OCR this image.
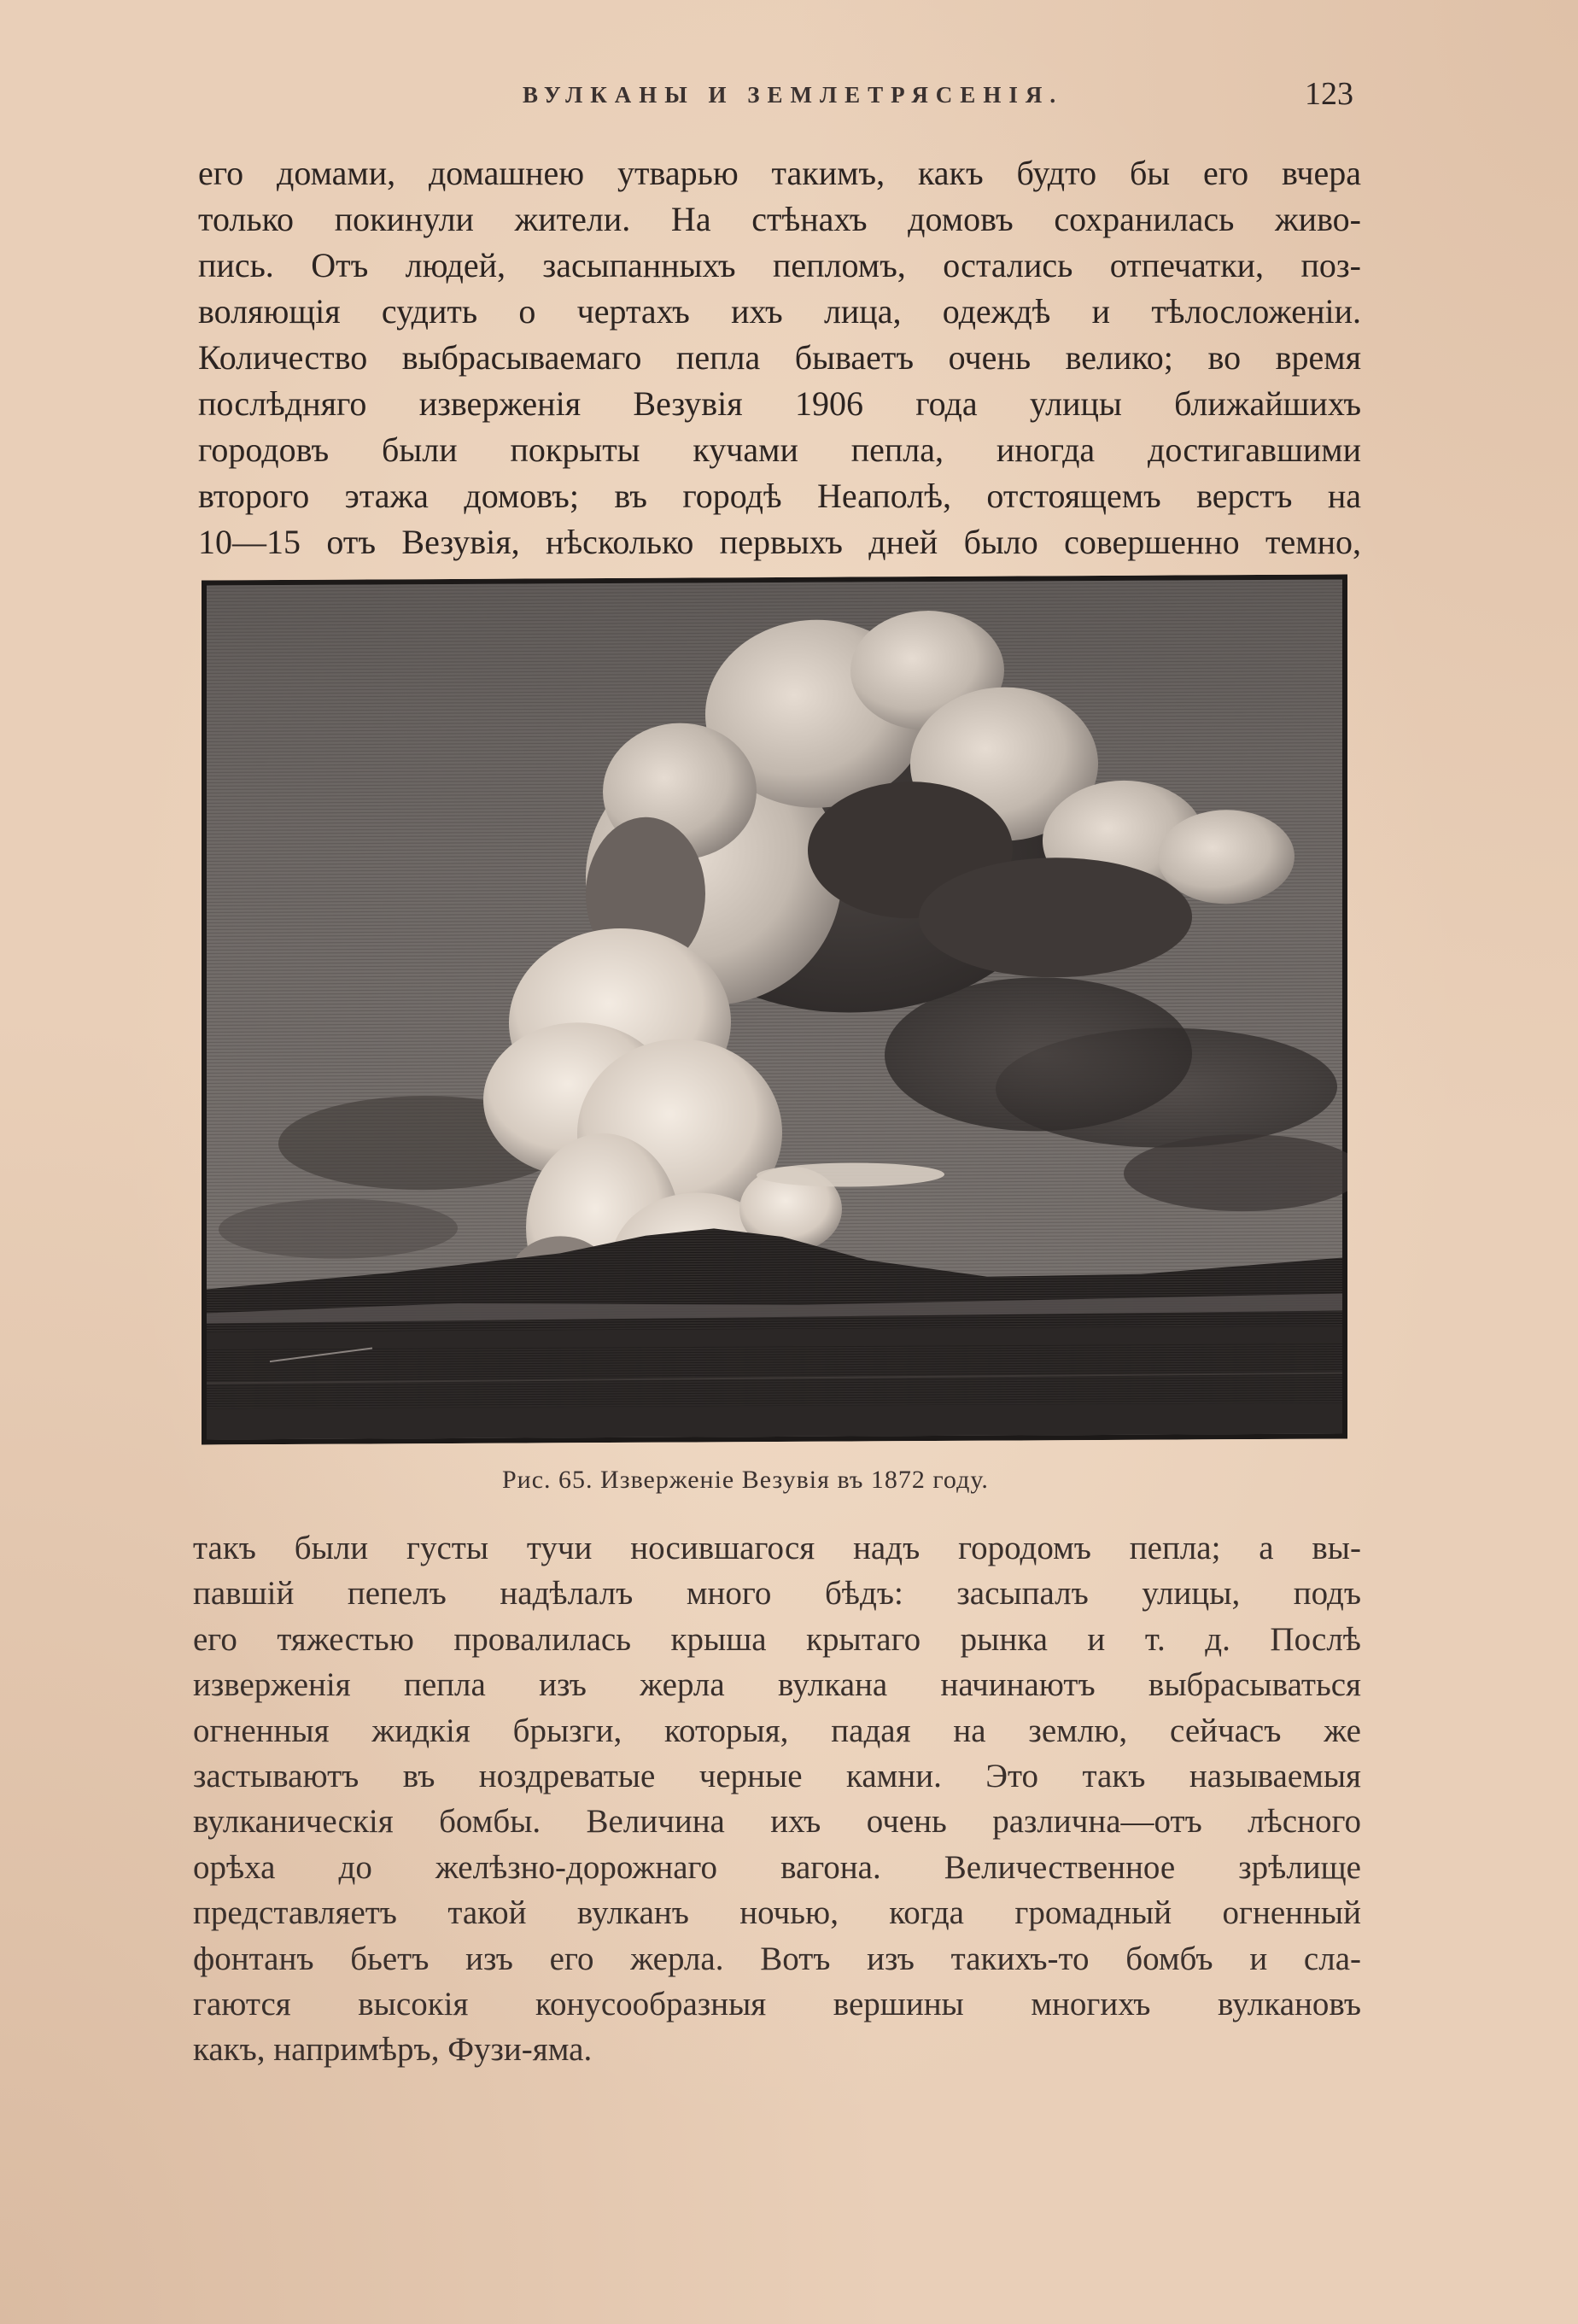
ВУЛКАНЫ И ЗЕМЛЕТРЯСЕНІЯ.	123
его домами, домашнею утварью такимъ, какъ будто бы его вчера
только покинули жители. На стѣнахъ домовъ сохранилась живо-
пись. Отъ людей, засыпанныхъ пепломъ, остались отпечатки, поз-
воляющія судить о чертахъ ихъ лица, одеждѣ и тѣлосложеніи.
Количество выбрасываемаго пепла бываетъ очень велико; во время
послѣдняго изверженія Везувія 1906 года улицы ближайшихъ
городовъ были покрыты кучами пепла, иногда достигавшими
второго этажа домовъ; въ городѣ Неаполѣ, отстоящемъ верстъ на
10—15 отъ Везувія, нѣсколько первыхъ дней было совершенно темно,
Рис. 65. Изверженіе Везувія въ 1872 году.
такъ были густы тучи носившагося надъ городомъ пепла; а вы-
павшій пепелъ надѣлалъ много бѣдъ: засыпалъ улицы, подъ
его тяжестью провалилась крыша крытаго рынка и т. д. Послѣ
изверженія пепла изъ жерла вулкана начинаютъ выбрасываться
огненныя жидкія брызги, которыя, падая на землю, сейчасъ же
застываютъ въ ноздреватые черные камни. Это такъ называемыя
вулканическія бомбы. Величина ихъ очень различна—отъ лѣсного
орѣха до желѣзно-дорожнаго вагона. Величественное зрѣлище
представляетъ такой вулканъ ночью, когда громадный огненный
фонтанъ бьетъ изъ его жерла. Вотъ изъ такихъ-то бомбъ и сла-
гаются высокія конусообразныя вершины многихъ вулкановъ
какъ, напримѣръ, Фузи-яма.
